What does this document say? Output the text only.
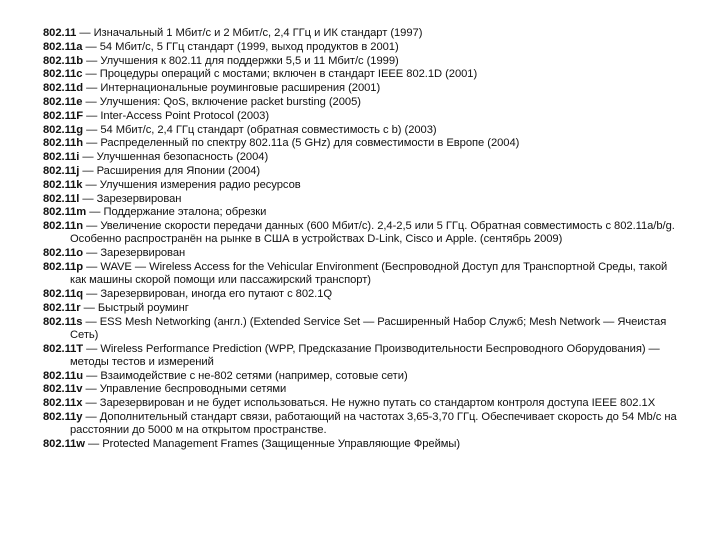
802.11 — Изначальный 1 Мбит/с и 2 Мбит/c, 2,4 ГГц и ИК стандарт (1997)
802.11a — 54 Мбит/c, 5 ГГц стандарт (1999, выход продуктов в 2001)
802.11b — Улучшения к 802.11 для поддержки 5,5 и 11 Мбит/с (1999)
802.11c — Процедуры операций с мостами; включен в стандарт IEEE 802.1D (2001)
802.11d — Интернациональные роуминговые расширения (2001)
802.11e — Улучшения: QoS, включение packet bursting (2005)
802.11F — Inter-Access Point Protocol (2003)
802.11g — 54 Мбит/c, 2,4 ГГц стандарт (обратная совместимость с b) (2003)
802.11h — Распределенный по спектру 802.11a (5 GHz) для совместимости в Европе (2004)
802.11i — Улучшенная безопасность (2004)
802.11j — Расширения для Японии (2004)
802.11k — Улучшения измерения радио ресурсов
802.11l — Зарезервирован
802.11m — Поддержание эталона; обрезки
802.11n — Увеличение скорости передачи данных (600 Мбит/c). 2,4-2,5 или 5 ГГц. Обратная совместимость с 802.11a/b/g. Особенно распространён на рынке в США в устройствах D-Link, Cisco и Apple. (сентябрь 2009)
802.11o — Зарезервирован
802.11p — WAVE — Wireless Access for the Vehicular Environment (Беспроводной Доступ для Транспортной Среды, такой как машины скорой помощи или пассажирский транспорт)
802.11q — Зарезервирован, иногда его путают с 802.1Q
802.11r — Быстрый роуминг
802.11s — ESS Mesh Networking (англ.) (Extended Service Set — Расширенный Набор Служб; Mesh Network — Ячеистая Сеть)
802.11T — Wireless Performance Prediction (WPP, Предсказание Производительности Беспроводного Оборудования) — методы тестов и измерений
802.11u — Взаимодействие с не-802 сетями (например, сотовые сети)
802.11v — Управление беспроводными сетями
802.11x — Зарезервирован и не будет использоваться. Не нужно путать со стандартом контроля доступа IEEE 802.1X
802.11y — Дополнительный стандарт связи, работающий на частотах 3,65-3,70 ГГц. Обеспечивает скорость до 54 Mb/с на расстоянии до 5000 м на открытом пространстве.
802.11w — Protected Management Frames (Защищенные Управляющие Фреймы)
